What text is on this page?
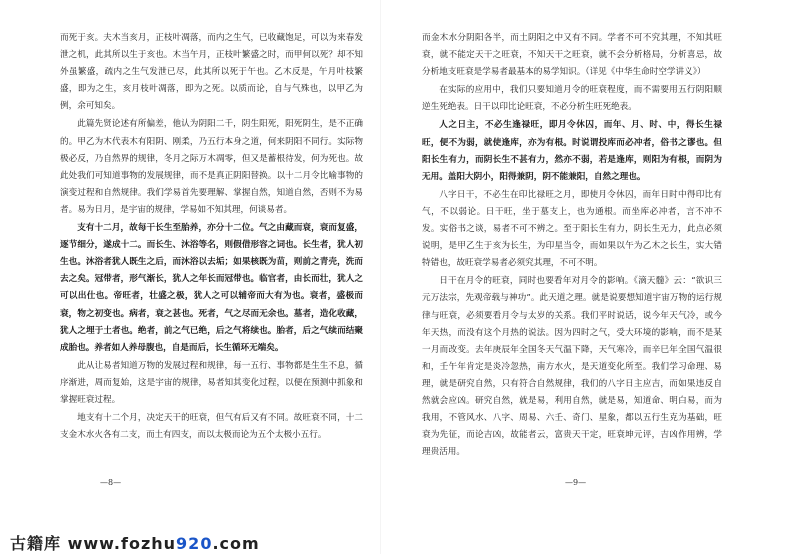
而死于亥。夫木当亥月，正枝叶凋落，而内之生气，已收藏饱足，可以为来春发泄之机，此其所以生于亥也。木当午月，正枝叶繁盛之时，而甲何以死？却不知外虽繁盛，疏内之生气发泄已尽，此其所以死于午也。乙木反是，午月叶枝繁盛，即为之生，亥月枝叶凋落，即为之死。以质而论，自与气殊也，以甲乙为例，余可知矣。

此篇先贤论述有所偏差，他认为阴阳二千，阴生阳死，阳死阴生，是不正确的。甲乙为木代表木有阳阴、刚柔，乃五行本身之道，何来阴阳不同行。实际物极必反，乃自然界的规律，冬月之际万木凋零，但又是蓄根待发，何为死也。故此处我们可知道事物的发展规律，而不是真正阴阳替换。以十二月令比喻事物的演变过程和自然规律。我们学易首先要理解、掌握自然，知道自然，否则不为易者。易为日月，是宇宙的规律，学易如不知其理，何谈易者。

支有十二月，故每干长生至胎养，亦分十二位。气之由藏而衰，衰而复盛，逐节细分，遂成十二。而长生、沐浴等名，则假借形容之词也。长生者，犹人初生也。沐浴者犹人既生之后，而沐浴以去垢；如果核既为苗，则前之青壳，洗而去之矣。冠带者，形气渐长，犹人之年长而冠带也。临官者，由长而壮，犹人之可以出仕也。帝旺者，壮盛之极，犹人之可以辅帝而大有为也。衰者，盛极而衰，物之初变也。病者，衰之甚也。死者，气之尽而无余也。墓者，造化收藏，犹人之埋于土者也。绝者，前之气已绝，后之气将续也。胎者，后之气续而结聚成胎也。养者如人养母腹也，自是而后，长生循环无端矣。

此从让易者知道万物的发展过程和规律，每一五行、事物都是生生不息，循序渐进，周而复始，这是宇宙的规律，易者知其变化过程，以便在预测中抓象和掌握旺衰过程。

地支有十二个月，决定天干的旺衰，但气有后又有不同。故旺衰不同，十二支金木水火各有二支，而土有四支，而以太极而论为五个太极小五行。

—8—

而金木水分阴阳各半，而土阴阳之中又有不同。学者不可不究其理，不知其旺衰，就不能定天干之旺衰，不知天干之旺衰，就不会分析格局，分析喜忌，故分析地支旺衰是学易者最基本的易学知识。（详见《中华生命时空学讲义》）

在实际的应用中，我们只要知道月令的旺衰程度，而不需要用五行阴阳顺逆生死绝表。日干以印比论旺衰，不必分析生旺死绝表。

人之日主，不必生逢禄旺，即月令休囚，而年、月、时、中，得长生禄旺，便不为弱，就使逢库，亦为有根。时说谓投库而必冲者，俗书之谬也。但阳长生有力，而阴长生不甚有力，然亦不弱，若是逢库，则阳为有根，而阴为无用。盖阳大阴小，阳得兼阴，阴不能兼阳，自然之理也。

八字日干，不必生在印比禄旺之月，即使月令休囚，而年日时中得印比有气，不以弱论。日干旺，坐于墓支上，也为通根。而坐库必冲者，言不冲不发。实俗书之谈，易者不可不辨之。至于阳长生有力，阴长生无力，此点必须说明，是甲乙生于亥为长生，为印星当令，而如果以午为乙木之长生，实大错特错也，故旺衰学易者必须究其理，不可不明。

日干在月令的旺衰，同时也要看年对月令的影响。《滴天髓》云：“欲识三元万法宗，先观帝载与神功”。此天道之理。就是说要想知道宇宙万物的运行规律与旺衰，必须要看月令与太岁的关系。我们平时说话，说今年天气冷，或今年天热，而没有这个月热的说法。因为四时之气，受大环境的影响，而不是某一月而改变。去年庚辰年全国冬天气温下降，天气寒冷，而辛巳年全国气温很和，壬午年肯定是炎冷忽热，南方水火，是天道变化所至。我们学习命理、易理，就是研究自然，只有符合自然规律，我们的八字日主应吉，而如果违反自然就会应凶。研究自然，就是易，利用自然，就是易，知道命、明白易，而为我用，不管风水、八字、周易、六壬、奇门、星象，都以五行生克为基础，旺衰为先征，而论吉凶，故能者云，富贵天干定，旺衰坤元评，吉凶作用辨，学理贵活用。

—9—
古籍库 www.fozhu920.com
